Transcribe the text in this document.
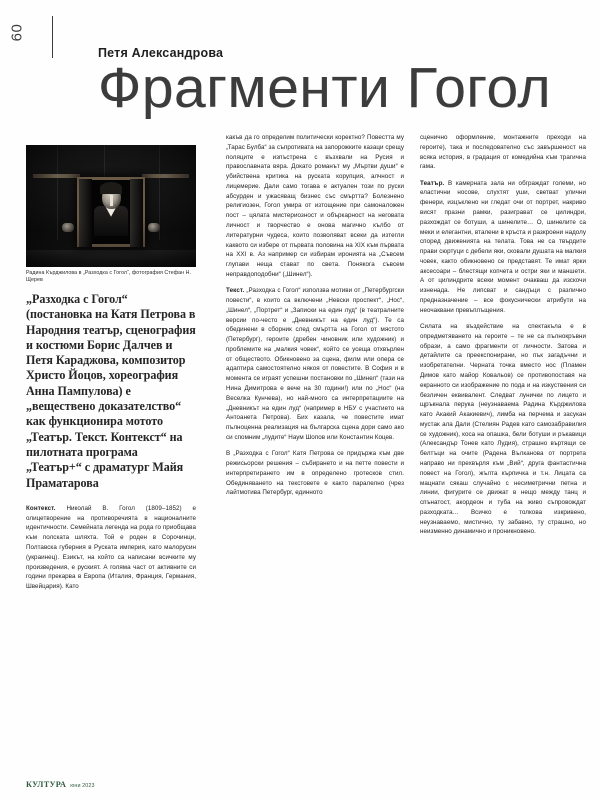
60
Петя Александрова
Фрагменти Гогол
Радина Кърджилова в „Разходка с Гогол“, фотография Стефан Н. Щерев
„Разходка с Гогол“ (постановка на Катя Петрова в Народния театър, сценография и костюми Борис Далчев и Петя Караджова, композитор Христо Йоцов, хореография Анна Пампулова) е „веществено доказателство“ как функционира мотото „Театър. Текст. Контекст“ на пилотната програма „Театър+“ с драматург Майя Праматарова

Контекст. Николай В. Гогол (1809–1852) е олицетворение на противоречията в националните идентичности. Семейната легенда на рода го приобщава към полската шляхта. Той е роден в Сорочинци, Полтавска губерния в Руската империя, като малорусин (украинец). Езикът, на който са написани всичките му произведения, е руският. А голяма част от активните си години прекарва в Европа (Италия, Франция, Германия, Швейцария). Като

какъв да го определим политически коректно? Повестта му „Тарас Булба“ за съпротивата на запорожките казаци срещу поляците е изпъстрена с възхвали на Русия и православната вяра. Докато романът му „Мъртви души“ е убийствена критика на руската корупция, алчност и лицемерие. Дали само тогава е актуален този по руски абсурден и ужасяващ бизнес със смъртта? Болезнено религиозен, Гогол умира от изтощение при самоналожен пост – цялата мистериозност и объркаpност на неговата личност и творчество е онова магично кълбо от литературни чудеса, които позволяват всеки да изтегли каквото си избере от първата половина на XIX към първата на XXI в. Аз например си избирам иронията на „Съвсем глупави неща стават по света. Понякога съвсем неправдоподобни“ („Шинел“).

Текст. „Разходка с Гогол“ използва мотиви от „Петербургски повести“, в които са включени „Невски проспект“, „Нос“, „Шинел“, „Портрет“ и „Записки на един луд“ (в театралните версии по-често е „Дневникът на един луд“). Те са обединени в сборник след смъртта на Гогол от мястото (Петербург), героите (дребен чиновник или художник) и проблемите на „малкия човек“, който се усеща отхвърлен от обществото. Обикновено за сцена, филм или опера се адаптира самостоятелно някоя от повестите. В София и в момента се играят успешни постановки по „Шинел“ (тази на Нина Димитрова е вече на 30 години!) или по „Нос“ (на Веселка Кунчева), но най-много са интерпретациите на „Дневникът на един луд“ (например в НБУ с участието на Антоанета Петрова). Бих казала, че повестите имат пълноценна реализация на българска сцена дори само ако си спомним „лудите“ Наум Шопов или Константин Коцев.

В „Разходка с Гогол“ Катя Петрова се придържа към две режисьорски решения – събирането и на петте повести и интерпретирането им в определено гротесков стил. Обединяването на текстовете е както паралелно (чрез лайтмотива Петербург, единното

сценично оформление, монтажните преходи на героите), така и последователно със завършеност на всяка история, в градация от комедийна към трагична гама.

Театър. В камерната зала ни обграждат големи, но еластични носове, слухтят уши, светват улични фенери, изцъклено ни гледат очи от портрет, накриво висят празни рамки, разиграват се цилиндри, разхождат се ботуши, а шинелите… О, шинелите са меки и елегантни, втaлени в кръста и разкроени надолу според движенията на телата. Това не са твърдите прави сюртуци с дебели яки, сковали душата на малкия човек, както обикновено се представят. Те имат ярки аксесоари – блестящи копчета и остри яки и маншети. А от цилиндрите всеки момент очакваш да изскочи изненада. Не липсват и сандъци с различно предназначение – все фокуснически атрибути на неочаквани превъплъщения.

Силата на въздействие на спектакъла е в опредметяването на героите – те не са пълнокръвни образи, а само фрагменти от личности. Затова и детайлите са преекспонирани, но пък загадъчни и изобретателни. Черната точка вместо нос (Пламен Димов като майор Ковальов) се противопоставя на екранното си изображение по пода и на изкуствения си безличен еквивалент. Следват лунички по лицето и щръкнала перука (неузнаваема Радина Кърджилова като Акакий Акакиевич), лимба на перчема и засукан мустак ала Дали (Стелиян Радев като самозабравилия се художник), коса на опашка, бели ботуши и ръкавици (Александър Тонев като Лудия), страшно въртящи се белтъци на очите (Радена Вълканова от портрета направо ни прехвърля към „Вий“, друга фантастична повест на Гогол), жълта кърпичка и т.н. Лицата са мацнати сякаш случайно с несиметрични петна и линии, фигурите се движат в нещо между танц и спънатост, акордеон и туба на живо съпровождат разходката… Всичко е толкова изкривено, неузнаваемо, мистично, ту забавно, ту страшно, но неизменно динамично и проникновено.

КУЛТУРА юни 2023
